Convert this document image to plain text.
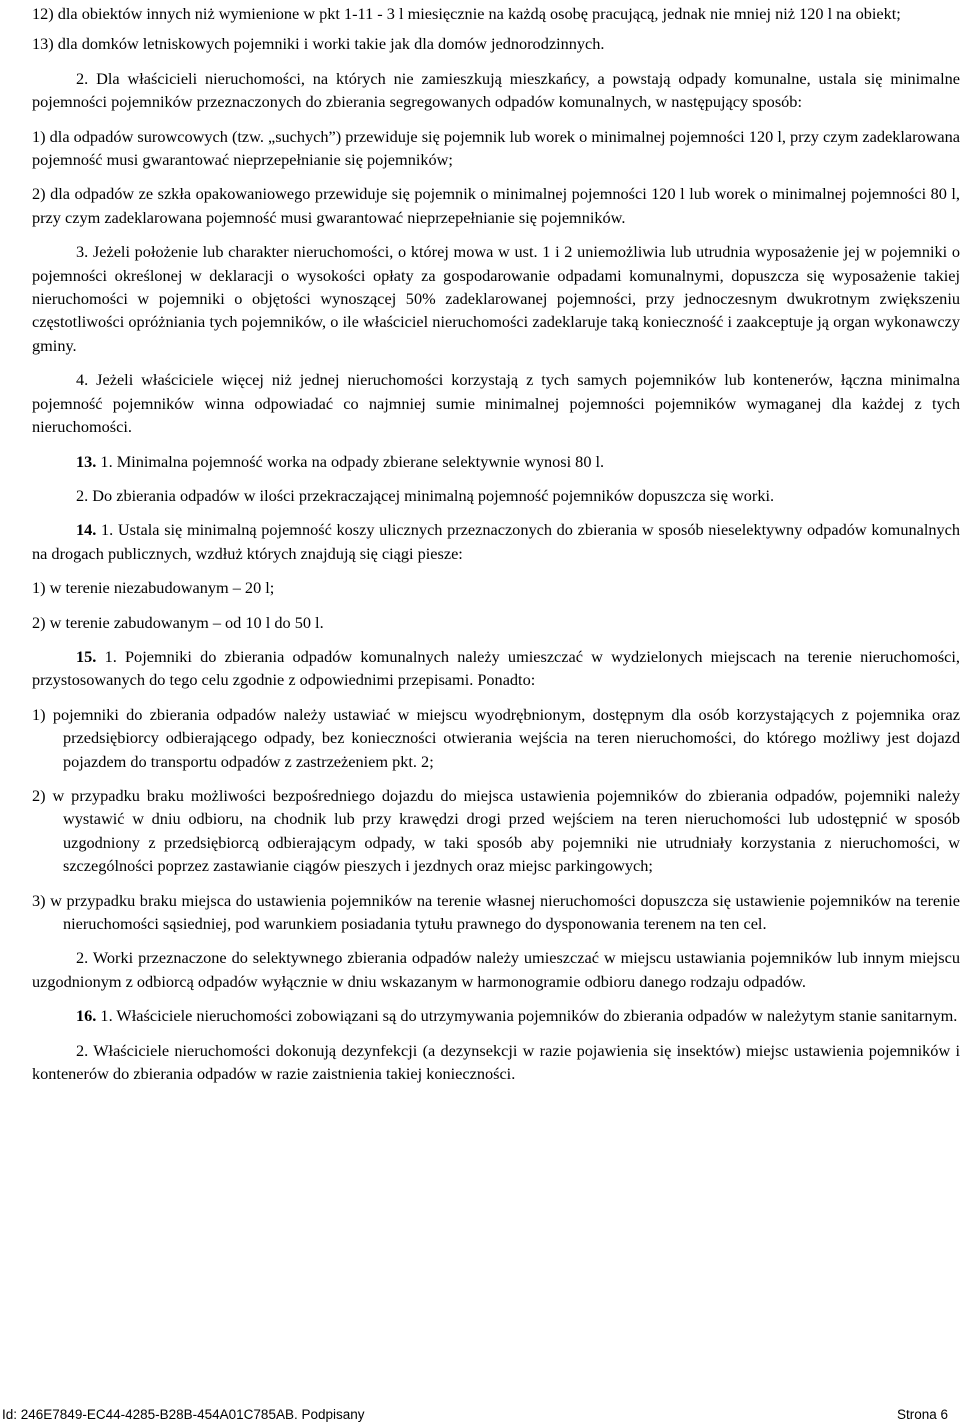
12) dla obiektów innych niż wymienione w pkt 1-11 - 3 l miesięcznie na każdą osobę pracującą, jednak nie mniej niż 120 l na obiekt;

13) dla domków letniskowych pojemniki i worki takie jak dla domów jednorodzinnych.

2. Dla właścicieli nieruchomości, na których nie zamieszkują mieszkańcy, a powstają odpady komunalne, ustala się minimalne pojemności pojemników przeznaczonych do zbierania segregowanych odpadów komunalnych, w następujący sposób:

1) dla odpadów surowcowych (tzw. „suchych”) przewiduje się pojemnik lub worek o minimalnej pojemności 120 l, przy czym zadeklarowana pojemność musi gwarantować nieprzepełnianie się pojemników;

2) dla odpadów ze szkła opakowaniowego przewiduje się pojemnik o minimalnej pojemności 120 l lub worek o minimalnej pojemności 80 l, przy czym zadeklarowana pojemność musi gwarantować nieprzepełnianie się pojemników.

3. Jeżeli położenie lub charakter nieruchomości, o której mowa w ust. 1 i 2 uniemożliwia lub utrudnia wyposażenie jej w pojemniki o pojemności określonej w deklaracji o wysokości opłaty za gospodarowanie odpadami komunalnymi, dopuszcza się wyposażenie takiej nieruchomości w pojemniki o objętości wynoszącej 50% zadeklarowanej pojemności, przy jednoczesnym dwukrotnym zwiększeniu częstotliwości opróżniania tych pojemników, o ile właściciel nieruchomości zadeklaruje taką konieczność i zaakceptuje ją organ wykonawczy gminy.

4. Jeżeli właściciele więcej niż jednej nieruchomości korzystają z tych samych pojemników lub kontenerów, łączna minimalna pojemność pojemników winna odpowiadać co najmniej sumie minimalnej pojemności pojemników wymaganej dla każdej z tych nieruchomości.

13. 1. Minimalna pojemność worka na odpady zbierane selektywnie wynosi 80 l.

2. Do zbierania odpadów w ilości przekraczającej minimalną pojemność pojemników dopuszcza się worki.

14. 1. Ustala się minimalną pojemność koszy ulicznych przeznaczonych do zbierania w sposób nieselektywny odpadów komunalnych na drogach publicznych, wzdłuż których znajdują się ciągi piesze:

1) w terenie niezabudowanym – 20 l;

2) w terenie zabudowanym – od 10 l do 50 l.

15. 1. Pojemniki do zbierania odpadów komunalnych należy umieszczać w wydzielonych miejscach na terenie nieruchomości, przystosowanych do tego celu zgodnie z odpowiednimi przepisami. Ponadto:

1) pojemniki do zbierania odpadów należy ustawiać w miejscu wyodrębnionym, dostępnym dla osób korzystających z pojemnika oraz przedsiębiorcy odbierającego odpady, bez konieczności otwierania wejścia na teren nieruchomości, do którego możliwy jest dojazd pojazdem do transportu odpadów z zastrzeżeniem pkt. 2;

2) w przypadku braku możliwości bezpośredniego dojazdu do miejsca ustawienia pojemników do zbierania odpadów, pojemniki należy wystawić w dniu odbioru, na chodnik lub przy krawędzi drogi przed wejściem na teren nieruchomości lub udostępnić w sposób uzgodniony z przedsiębiorcą odbierającym odpady, w taki sposób aby pojemniki nie utrudniały korzystania z nieruchomości, w szczególności poprzez zastawianie ciągów pieszych i jezdnych oraz miejsc parkingowych;

3) w przypadku braku miejsca do ustawienia pojemników na terenie własnej nieruchomości dopuszcza się ustawienie pojemników na terenie nieruchomości sąsiedniej, pod warunkiem posiadania tytułu prawnego do dysponowania terenem na ten cel.

2. Worki przeznaczone do selektywnego zbierania odpadów należy umieszczać w miejscu ustawiania pojemników lub innym miejscu uzgodnionym z odbiorcą odpadów wyłącznie w dniu wskazanym w harmonogramie odbioru danego rodzaju odpadów.

16. 1. Właściciele nieruchomości zobowiązani są do utrzymywania pojemników do zbierania odpadów w należytym stanie sanitarnym.

2. Właściciele nieruchomości dokonują dezynfekcji (a dezynsekcji w razie pojawienia się insektów) miejsc ustawienia pojemników i kontenerów do zbierania odpadów w razie zaistnienia takiej konieczności.

Id: 246E7849-EC44-4285-B28B-454A01C785AB. Podpisany	Strona 6
